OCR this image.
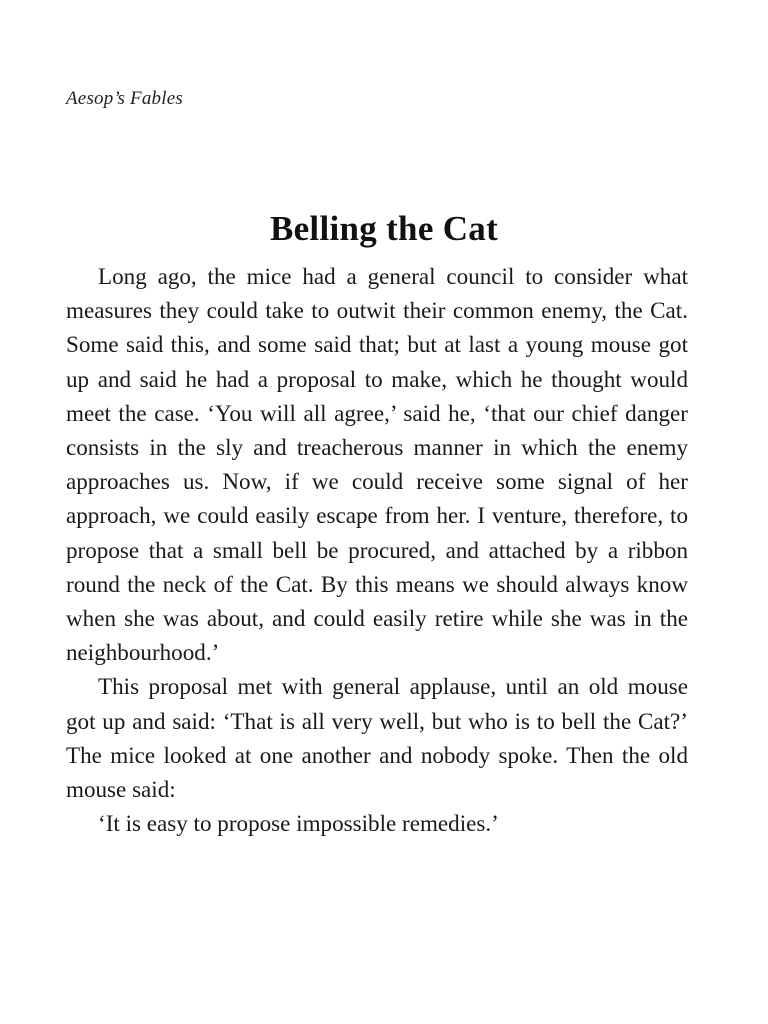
Aesop’s Fables
Belling the Cat

Long ago, the mice had a general council to consider what measures they could take to outwit their common enemy, the Cat. Some said this, and some said that; but at last a young mouse got up and said he had a proposal to make, which he thought would meet the case. ‘You will all agree,’ said he, ‘that our chief danger consists in the sly and treacherous manner in which the enemy approaches us. Now, if we could receive some signal of her approach, we could easily escape from her. I venture, therefore, to propose that a small bell be procured, and attached by a ribbon round the neck of the Cat. By this means we should always know when she was about, and could easily retire while she was in the neighbourhood.’

This proposal met with general applause, until an old mouse got up and said: ‘That is all very well, but who is to bell the Cat?’ The mice looked at one another and nobody spoke. Then the old mouse said:

‘It is easy to propose impossible remedies.’
